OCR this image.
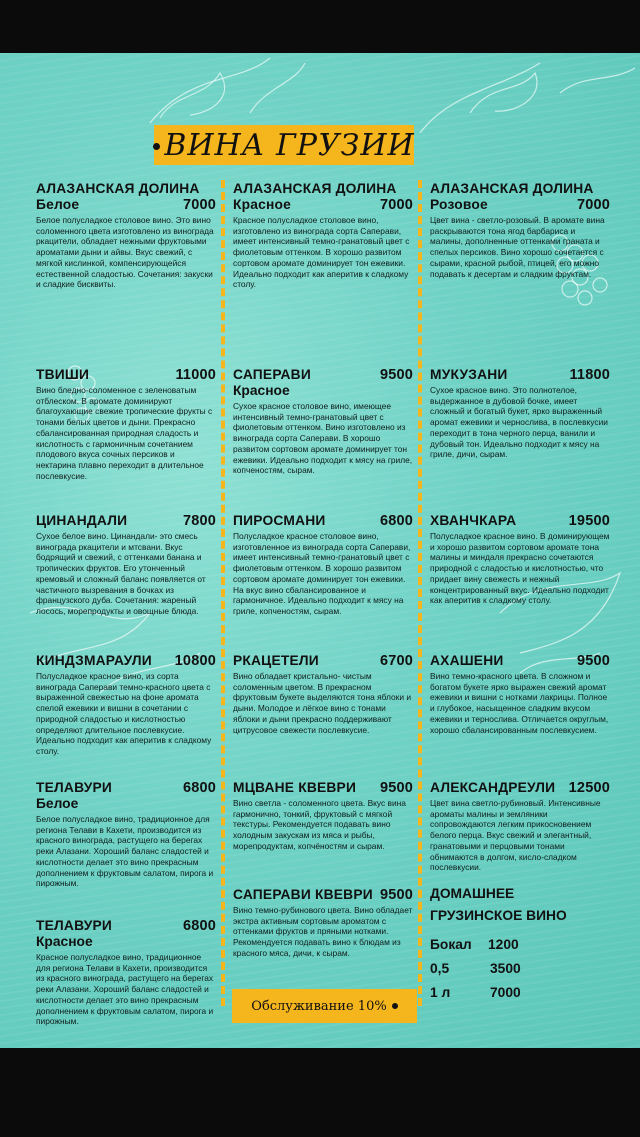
ВИНА ГРУЗИИ
АЛАЗАНСКАЯ ДОЛИНА
Белое	7000
Белое полусладкое столовое вино. Это вино соломенного цвета изготовлено из винограда ркацители, обладает нежными фруктовыми ароматами дыни и айвы. Вкус свежий, с мягкой кислинкой, компенсирующейся естественной сладостью. Сочетания: закуски и сладкие бисквиты.
ТВИШИ	11000
Вино бледно-соломенное с зеленоватым отблеском. В аромате доминируют благоухающие свежие тропические фрукты с тонами белых цветов и дыни. Прекрасно сбалансированная природная сладость и кислотность с гармоничным сочетанием плодового вкуса сочных персиков и нектарина плавно переходит в длительное послевкусие.
ЦИНАНДАЛИ	7800
Сухое белое вино. Цинандали- это смесь винограда ркацители и мтсвани. Вкус бодрящий и свежий, с оттенками банана и тропических фруктов. Его утонченный кремовый и сложный баланс появляется от частичного вызревания в бочках из французского дуба. Сочетания: жареный лосось, морепродукты и овощные блюда.
КИНДЗМАРАУЛИ 10800
Полусладкое красное вино, из сорта винограда Саперави темно-красного цвета с выраженной свежестью на фоне аромата спелой ежевики и вишни в сочетании с природной сладостью и кислотностью определяют длительное послевкусие. Идеально подходит как аперитив к сладкому столу.
ТЕЛАВУРИ	6800
Белое
Белое полусладкое вино, традиционное для региона Телави в Кахети, производится из красного винограда, растущего на берегах реки Алазани. Хороший баланс сладостей и кислотности делает это вино прекрасным дополнением к фруктовым салатом, пирога и пирожным.
ТЕЛАВУРИ	6800
Красное
Красное полусладкое вино, традиционное для региона Телави в Кахети, производится из красного винограда, растущего на берегах реки Алазани. Хороший баланс сладостей и кислотности делает это вино прекрасным дополнением к фруктовым салатом, пирога и пирожным.
АЛАЗАНСКАЯ ДОЛИНА
Красное	7000
Красное полусладкое столовое вино, изготовлено из винограда сорта Саперави, имеет интенсивный темно-гранатовый цвет с фиолетовым оттенком. В хорошо развитом сортовом аромате доминирует тон ежевики. Идеально подходит как аперитив к сладкому столу.
САПЕРАВИ	9500
Красное
Сухое красное столовое вино, имеющее интенсивный темно-гранатовый цвет с фиолетовым оттенком. Вино изготовлено из винограда сорта Саперави. В хорошо развитом сортовом аромате доминирует тон ежевики. Идеально подходит к мясу на гриле, копченостям, сырам.
ПИРОСМАНИ	6800
Полусладкое красное столовое вино, изготовленное из винограда сорта Саперави, имеет интенсивный темно-гранатовый цвет с фиолетовым оттенком. В хорошо развитом сортовом аромате доминирует тон ежевики. На вкус вино сбалансированное и гармоничное. Идеально подходит к мясу на гриле, копченостям, сырам.
РКАЦЕТЕЛИ	6700
Вино обладает кристально- чистым соломенным цветом. В прекрасном фруктовым букете выделяются тона яблоки и дыни. Молодое и лёгкое вино с тонами яблоки и дыни прекрасно поддерживают цитрусовое свежести послевкусие.
МЦВАНЕ КВЕВРИ 9500
Вино светла - соломенного цвета. Вкус вина гармонично, тонкий, фруктовый с мягкой текстуры. Рекомендуется подавать вино холодным закускам из мяса и рыбы, морепродуктам, копчёностям и сырам.
САПЕРАВИ КВЕВРИ 9500
Вино темно-рубинового цвета. Вино обладает экстра активным сортовым ароматом с оттенками фруктов и пряными нотками. Рекомендуется подавать вино к блюдам из красного мяса, дичи, к сырам.
АЛАЗАНСКАЯ ДОЛИНА
Розовое	7000
Цвет вина - светло-розовый. В аромате вина раскрываются тона ягод барбариса и малины, дополненные оттенками граната и спелых персиков. Вино хорошо сочетается с сырами, красной рыбой, птицей, его можно подавать к десертам и сладким фруктам.
МУКУЗАНИ	11800
Сухое красное вино. Это полнотелое, выдержанное в дубовой бочке, имеет сложный и богатый букет, ярко выраженный аромат ежевики и чернослива, в послевкусии переходит в тона черного перца, ванили и дубовый тон. Идеально подходит к мясу на гриле, дичи, сырам.
ХВАНЧКАРА	19500
Полусладкое красное вино. В доминирующем и хорошо развитом сортовом аромате тона малины и миндаля прекрасно сочетаются природной с сладостью и кислотностью, что придает вину свежесть и нежный концентрированный вкус. Идеально подходит как аперитив к сладкому столу.
АХАШЕНИ	9500
Вино темно-красного цвета. В сложном и богатом букете ярко выражен свежий аромат ежевики и вишни с нотками лакрицы. Полное и глубокое, насыщенное сладким вкусом ежевики и тернослива. Отличается округлым, хорошо сбалансированным послевкусием.
АЛЕКСАНДРЕУЛИ 12500
Цвет вина светло-рубиновый. Интенсивные ароматы малины и земляники сопровождаются легким прикосновением белого перца. Вкус свежий и элегантный, гранатовыми и перцовыми тонами обнимаются в долгом, кисло-сладком послевкусии.
ДОМАШНЕЕ ГРУЗИНСКОЕ ВИНО
Бокал	1200
0,5	3500
1 л	7000
Обслуживание 10%
